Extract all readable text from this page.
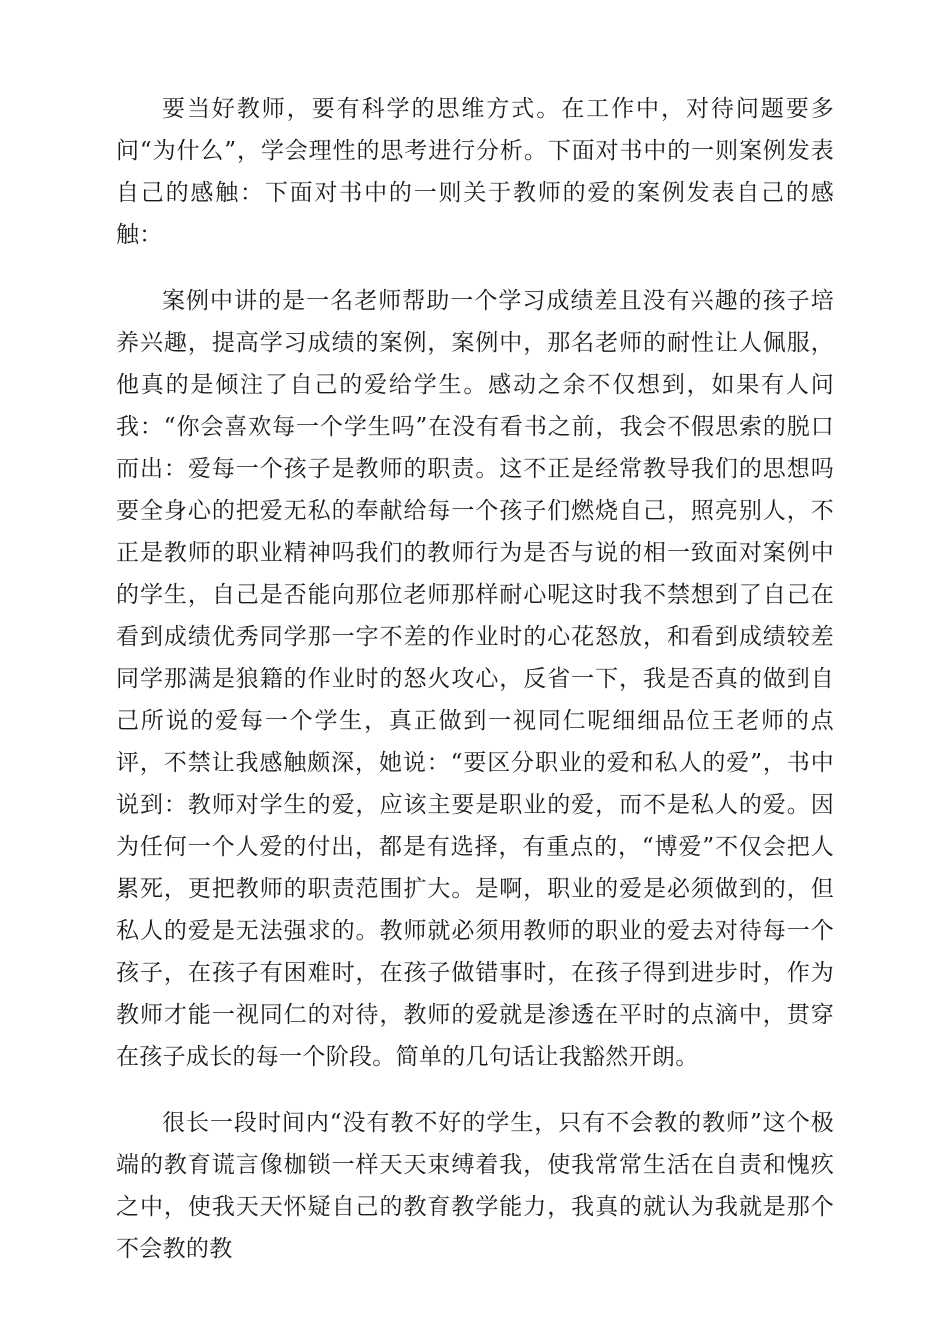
要当好教师，要有科学的思维方式。在工作中，对待问题要多问“为什么”，学会理性的思考进行分析。下面对书中的一则案例发表自己的感触：下面对书中的一则关于教师的爱的案例发表自己的感触：

案例中讲的是一名老师帮助一个学习成绩差且没有兴趣的孩子培养兴趣，提高学习成绩的案例，案例中，那名老师的耐性让人佩服，他真的是倾注了自己的爱给学生。感动之余不仅想到，如果有人问我：“你会喜欢每一个学生吗”在没有看书之前，我会不假思索的脱口而出：爱每一个孩子是教师的职责。这不正是经常教导我们的思想吗要全身心的把爱无私的奉献给每一个孩子们燃烧自己，照亮别人，不正是教师的职业精神吗我们的教师行为是否与说的相一致面对案例中的学生，自己是否能向那位老师那样耐心呢这时我不禁想到了自己在看到成绩优秀同学那一字不差的作业时的心花怒放，和看到成绩较差同学那满是狼籍的作业时的怒火攻心，反省一下，我是否真的做到自己所说的爱每一个学生，真正做到一视同仁呢细细品位王老师的点评，不禁让我感触颇深，她说：“要区分职业的爱和私人的爱”，书中说到：教师对学生的爱，应该主要是职业的爱，而不是私人的爱。因为任何一个人爱的付出，都是有选择，有重点的，“博爱”不仅会把人累死，更把教师的职责范围扩大。是啊，职业的爱是必须做到的，但私人的爱是无法强求的。教师就必须用教师的职业的爱去对待每一个孩子，在孩子有困难时，在孩子做错事时，在孩子得到进步时，作为教师才能一视同仁的对待，教师的爱就是渗透在平时的点滴中，贯穿在孩子成长的每一个阶段。简单的几句话让我豁然开朗。

很长一段时间内“没有教不好的学生，只有不会教的教师”这个极端的教育谎言像枷锁一样天天束缚着我，使我常常生活在自责和愧疚之中，使我天天怀疑自己的教育教学能力，我真的就认为我就是那个不会教的教
